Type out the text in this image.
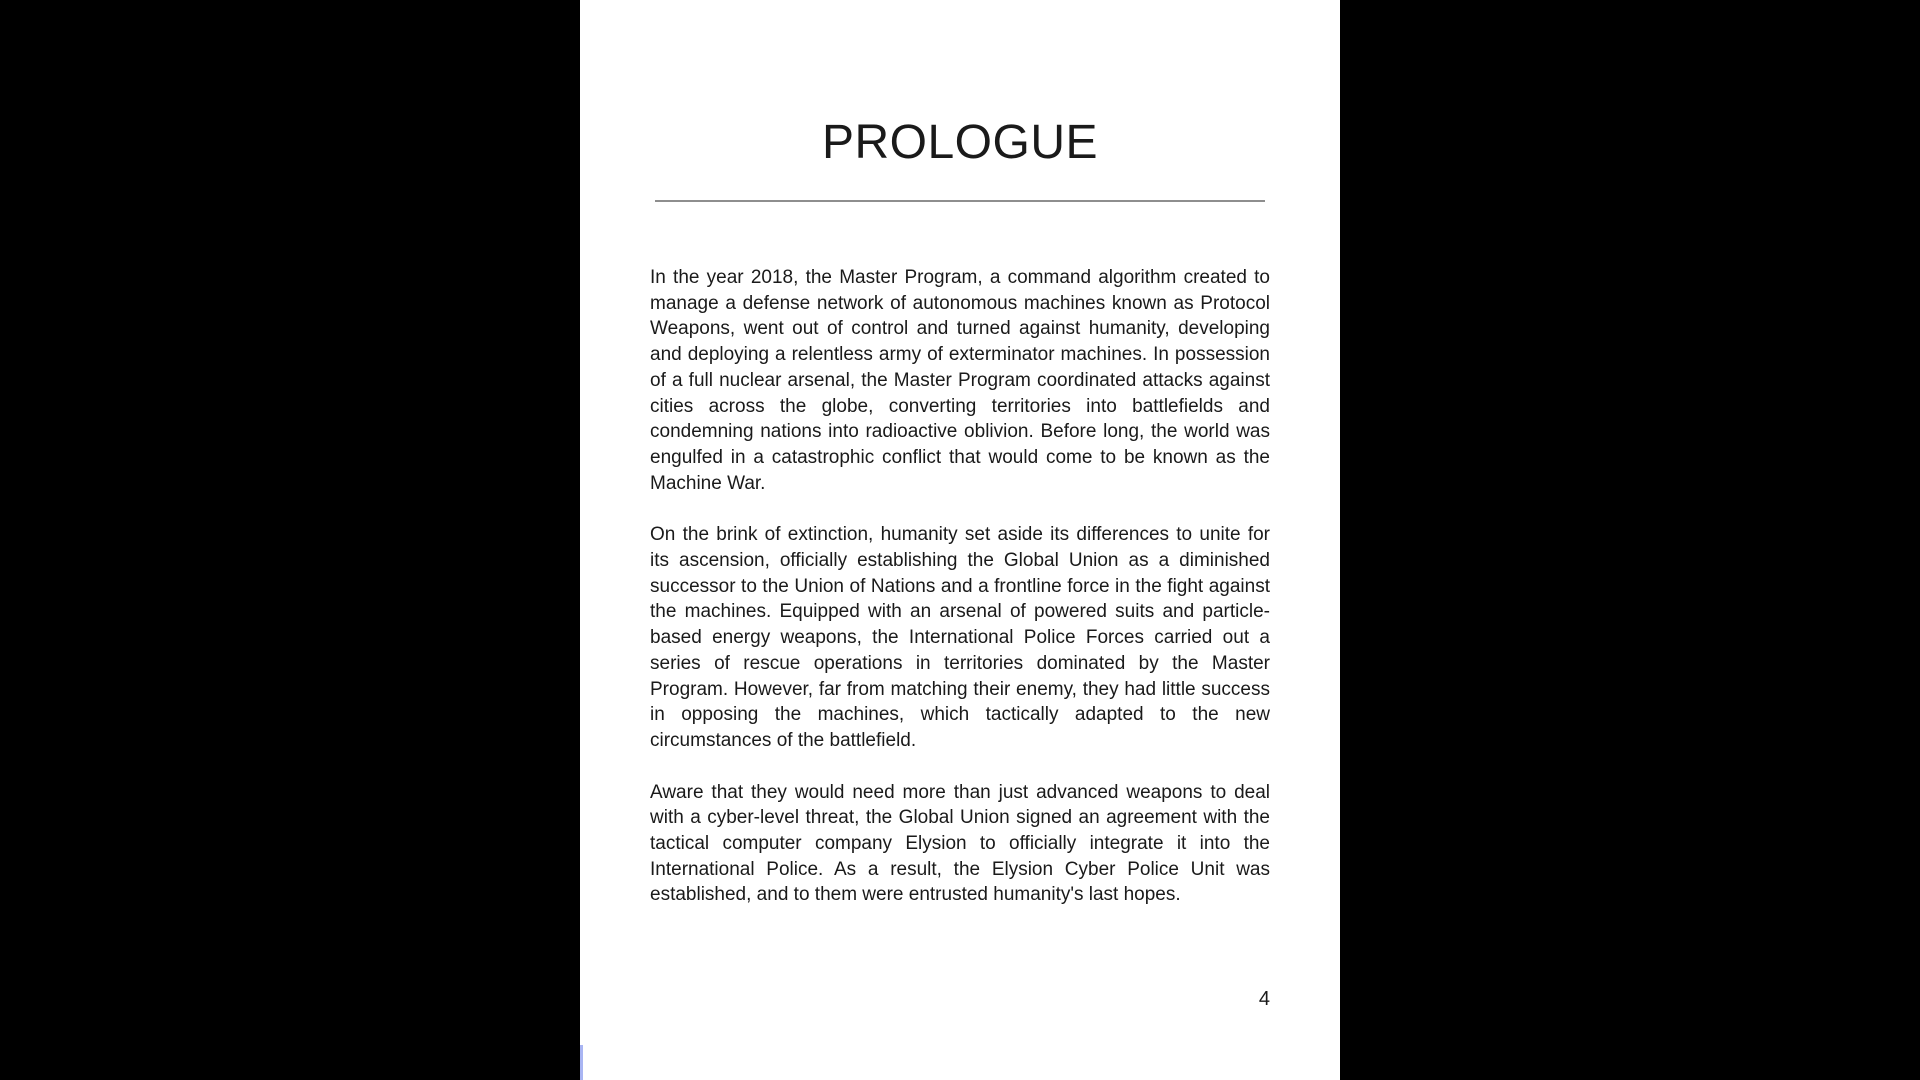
PROLOGUE

In the year 2018, the Master Program, a command algorithm created to manage a defense network of autonomous machines known as Protocol Weapons, went out of control and turned against humanity, developing and deploying a relentless army of exterminator machines. In possession of a full nuclear arsenal, the Master Program coordinated attacks against cities across the globe, converting territories into battlefields and condemning nations into radioactive oblivion. Before long, the world was engulfed in a catastrophic conflict that would come to be known as the Machine War.

On the brink of extinction, humanity set aside its differences to unite for its ascension, officially establishing the Global Union as a diminished successor to the Union of Nations and a frontline force in the fight against the machines. Equipped with an arsenal of powered suits and particle-based energy weapons, the International Police Forces carried out a series of rescue operations in territories dominated by the Master Program. However, far from matching their enemy, they had little success in opposing the machines, which tactically adapted to the new circumstances of the battlefield.

Aware that they would need more than just advanced weapons to deal with a cyber-level threat, the Global Union signed an agreement with the tactical computer company Elysion to officially integrate it into the International Police. As a result, the Elysion Cyber Police Unit was established, and to them were entrusted humanity's last hopes.

4
